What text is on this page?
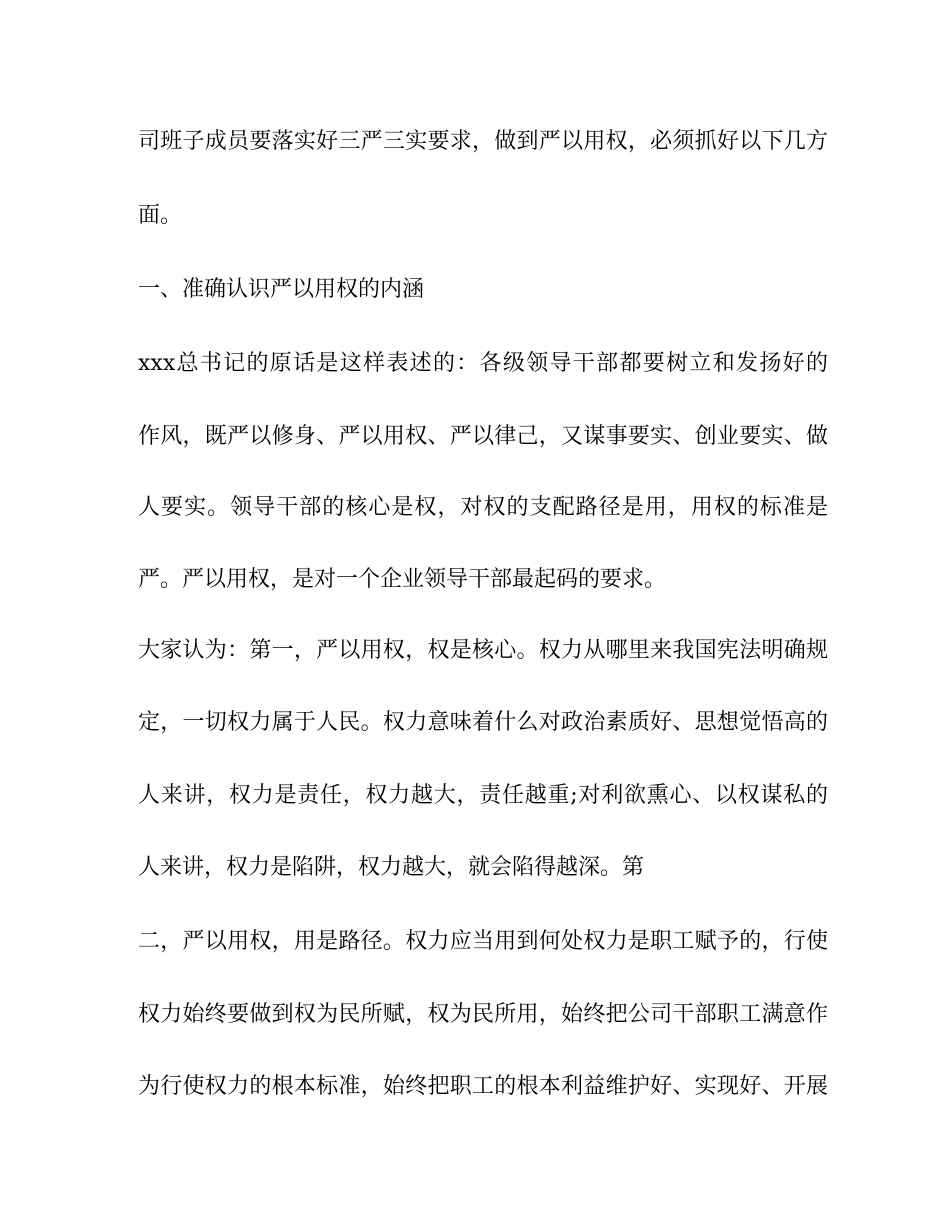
司班子成员要落实好三严三实要求，做到严以用权，必须抓好以下几方
面。
一、准确认识严以用权的内涵
xxx总书记的原话是这样表述的：各级领导干部都要树立和发扬好的
作风，既严以修身、严以用权、严以律己，又谋事要实、创业要实、做
人要实。领导干部的核心是权，对权的支配路径是用，用权的标准是
严。严以用权，是对一个企业领导干部最起码的要求。
大家认为：第一，严以用权，权是核心。权力从哪里来我国宪法明确规
定，一切权力属于人民。权力意味着什么对政治素质好、思想觉悟高的
人来讲，权力是责任，权力越大，责任越重;对利欲熏心、以权谋私的
人来讲，权力是陷阱，权力越大，就会陷得越深。第
二，严以用权，用是路径。权力应当用到何处权力是职工赋予的，行使
权力始终要做到权为民所赋，权为民所用，始终把公司干部职工满意作
为行使权力的根本标准，始终把职工的根本利益维护好、实现好、开展
